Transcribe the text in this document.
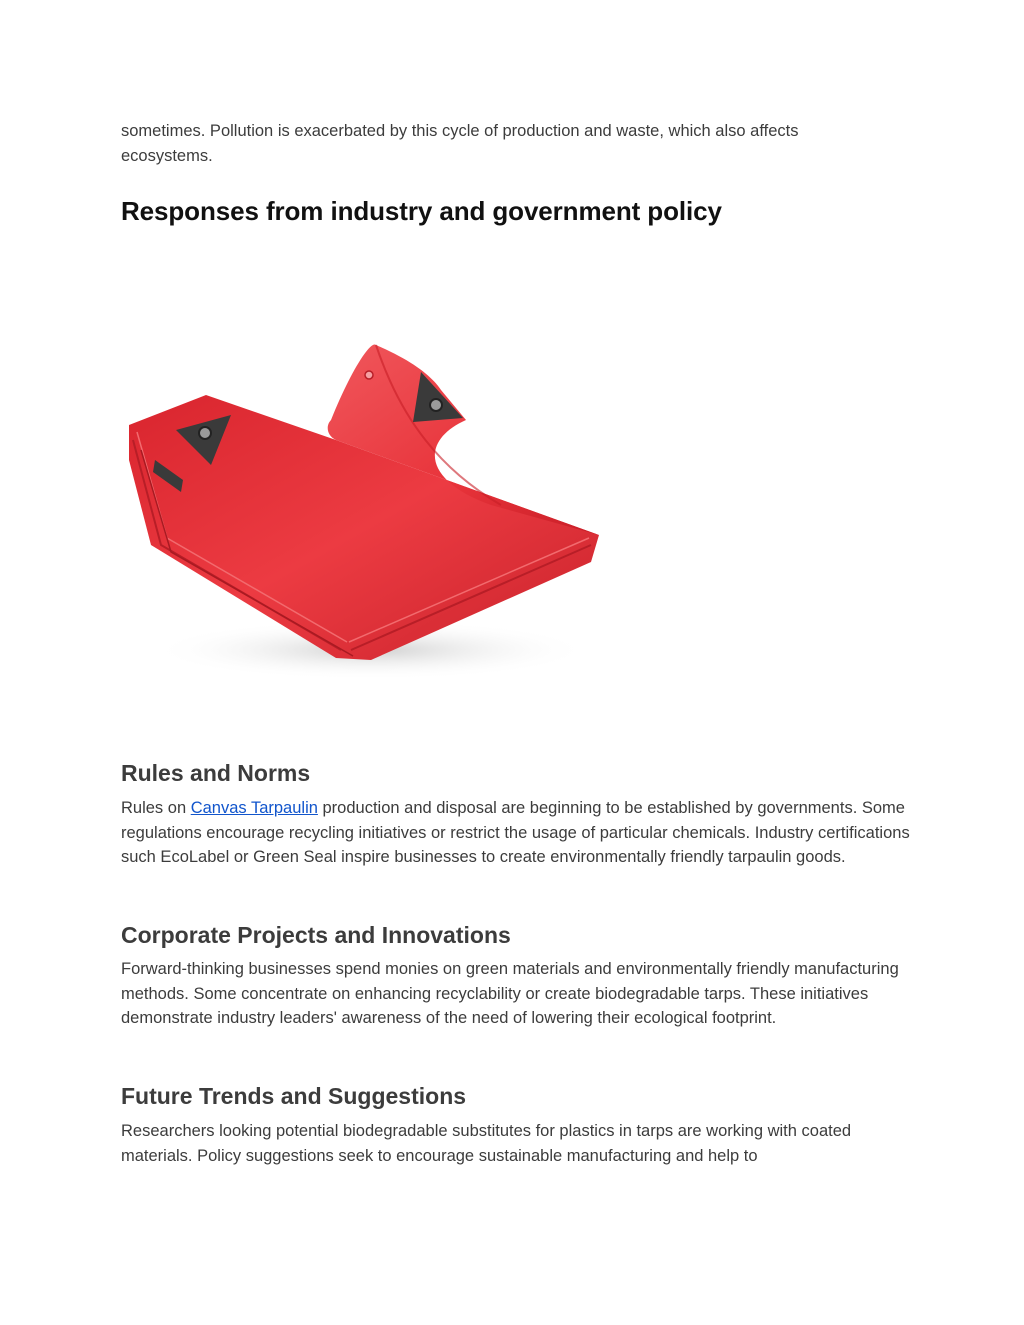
sometimes. Pollution is exacerbated by this cycle of production and waste, which also affects ecosystems.

Responses from industry and government policy
Rules and Norms

Rules on Canvas Tarpaulin production and disposal are beginning to be established by governments. Some regulations encourage recycling initiatives or restrict the usage of particular chemicals. Industry certifications such EcoLabel or Green Seal inspire businesses to create environmentally friendly tarpaulin goods.

Corporate Projects and Innovations

Forward-thinking businesses spend monies on green materials and environmentally friendly manufacturing methods. Some concentrate on enhancing recyclability or create biodegradable tarps. These initiatives demonstrate industry leaders' awareness of the need of lowering their ecological footprint.

Future Trends and Suggestions

Researchers looking potential biodegradable substitutes for plastics in tarps are working with coated materials. Policy suggestions seek to encourage sustainable manufacturing and help to
